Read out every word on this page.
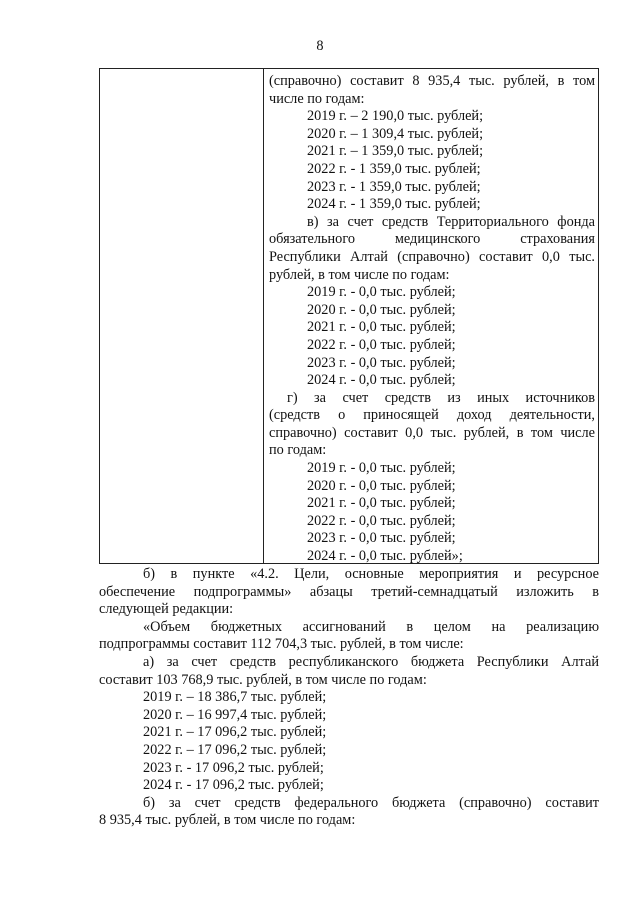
8
(справочно) составит 8 935,4 тыс. рублей, в том
числе по годам:
2019 г. – 2 190,0 тыс. рублей;
2020 г. – 1 309,4 тыс. рублей;
2021 г. – 1 359,0 тыс. рублей;
2022 г. - 1 359,0 тыс. рублей;
2023 г. - 1 359,0 тыс. рублей;
2024 г. - 1 359,0 тыс. рублей;
в) за счет средств Территориального фонда
обязательного медицинского страхования
Республики Алтай (справочно) составит 0,0 тыс.
рублей, в том числе по годам:
2019 г. - 0,0 тыс. рублей;
2020 г. - 0,0 тыс. рублей;
2021 г. - 0,0 тыс. рублей;
2022 г. - 0,0 тыс. рублей;
2023 г. - 0,0 тыс. рублей;
2024 г. - 0,0 тыс. рублей;
г) за счет средств из иных источников
(средств о приносящей доход деятельности,
справочно) составит 0,0 тыс. рублей, в том числе
по годам:
2019 г. - 0,0 тыс. рублей;
2020 г. - 0,0 тыс. рублей;
2021 г. - 0,0 тыс. рублей;
2022 г. - 0,0 тыс. рублей;
2023 г. - 0,0 тыс. рублей;
2024 г. - 0,0 тыс. рублей»;
б) в пункте «4.2. Цели, основные мероприятия и ресурсное
обеспечение подпрограммы» абзацы третий-семнадцатый изложить в
следующей редакции:
«Объем бюджетных ассигнований в целом на реализацию
подпрограммы составит 112 704,3 тыс. рублей, в том числе:
а) за счет средств республиканского бюджета Республики Алтай
составит 103 768,9 тыс. рублей, в том числе по годам:
2019 г. – 18 386,7 тыс. рублей;
2020 г. – 16 997,4 тыс. рублей;
2021 г. – 17 096,2 тыс. рублей;
2022 г. – 17 096,2 тыс. рублей;
2023 г. - 17 096,2 тыс. рублей;
2024 г. - 17 096,2 тыс. рублей;
б) за счет средств федерального бюджета (справочно) составит
8 935,4 тыс. рублей, в том числе по годам:
